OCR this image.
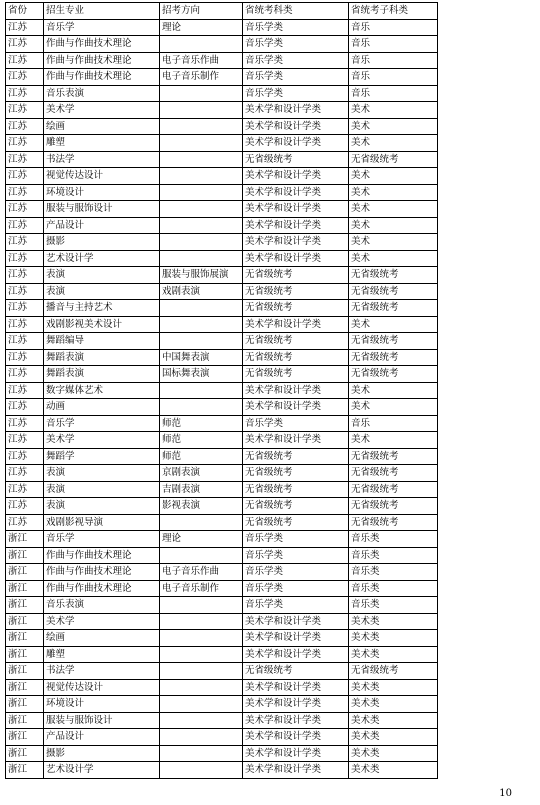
省份	招生专业	招考方向	省统考科类	省统考子科类
江苏	音乐学	理论	音乐学类	音乐
江苏	作曲与作曲技术理论		音乐学类	音乐
江苏	作曲与作曲技术理论	电子音乐作曲	音乐学类	音乐
江苏	作曲与作曲技术理论	电子音乐制作	音乐学类	音乐
江苏	音乐表演		音乐学类	音乐
江苏	美术学		美术学和设计学类	美术
江苏	绘画		美术学和设计学类	美术
江苏	雕塑		美术学和设计学类	美术
江苏	书法学		无省级统考	无省级统考
江苏	视觉传达设计		美术学和设计学类	美术
江苏	环境设计		美术学和设计学类	美术
江苏	服装与服饰设计		美术学和设计学类	美术
江苏	产品设计		美术学和设计学类	美术
江苏	摄影		美术学和设计学类	美术
江苏	艺术设计学		美术学和设计学类	美术
江苏	表演	服装与服饰展演	无省级统考	无省级统考
江苏	表演	戏剧表演	无省级统考	无省级统考
江苏	播音与主持艺术		无省级统考	无省级统考
江苏	戏剧影视美术设计		美术学和设计学类	美术
江苏	舞蹈编导		无省级统考	无省级统考
江苏	舞蹈表演	中国舞表演	无省级统考	无省级统考
江苏	舞蹈表演	国标舞表演	无省级统考	无省级统考
江苏	数字媒体艺术		美术学和设计学类	美术
江苏	动画		美术学和设计学类	美术
江苏	音乐学	师范	音乐学类	音乐
江苏	美术学	师范	美术学和设计学类	美术
江苏	舞蹈学	师范	无省级统考	无省级统考
江苏	表演	京剧表演	无省级统考	无省级统考
江苏	表演	吉剧表演	无省级统考	无省级统考
江苏	表演	影视表演	无省级统考	无省级统考
江苏	戏剧影视导演		无省级统考	无省级统考
浙江	音乐学	理论	音乐学类	音乐类
浙江	作曲与作曲技术理论		音乐学类	音乐类
浙江	作曲与作曲技术理论	电子音乐作曲	音乐学类	音乐类
浙江	作曲与作曲技术理论	电子音乐制作	音乐学类	音乐类
浙江	音乐表演		音乐学类	音乐类
浙江	美术学		美术学和设计学类	美术类
浙江	绘画		美术学和设计学类	美术类
浙江	雕塑		美术学和设计学类	美术类
浙江	书法学		无省级统考	无省级统考
浙江	视觉传达设计		美术学和设计学类	美术类
浙江	环境设计		美术学和设计学类	美术类
浙江	服装与服饰设计		美术学和设计学类	美术类
浙江	产品设计		美术学和设计学类	美术类
浙江	摄影		美术学和设计学类	美术类
浙江	艺术设计学		美术学和设计学类	美术类
10
